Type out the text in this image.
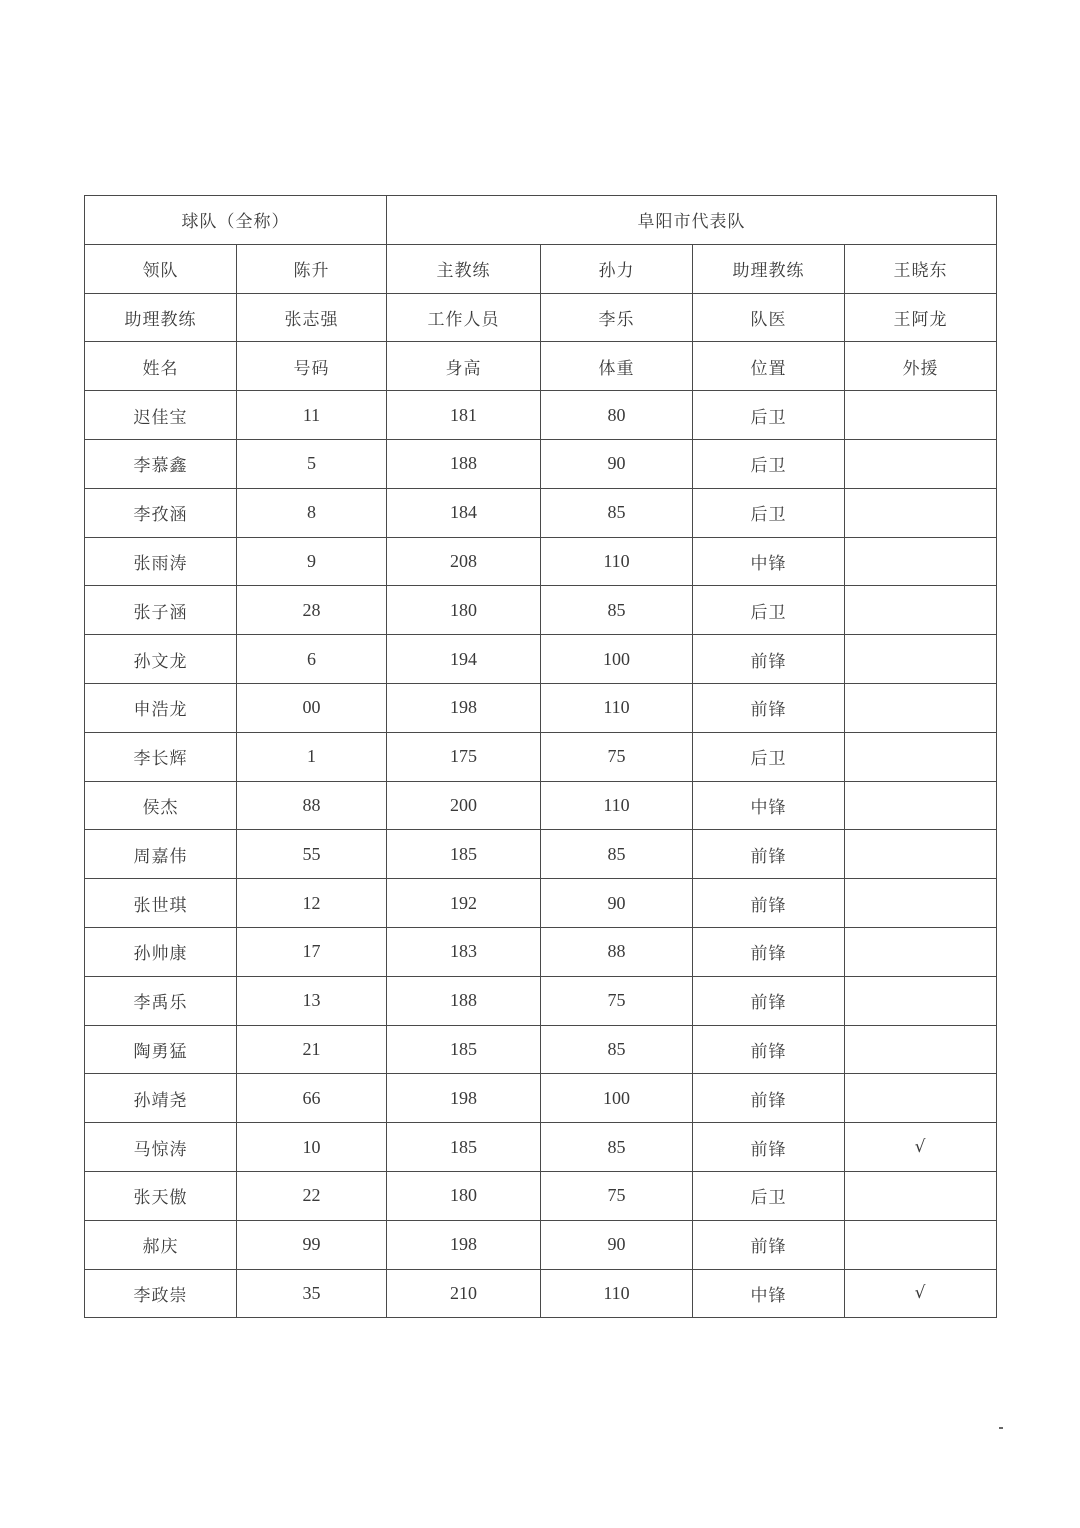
球队（全称）		阜阳市代表队			
领队	陈升	主教练	孙力	助理教练	王晓东
助理教练	张志强	工作人员	李乐	队医	王阿龙
姓名	号码	身高	体重	位置	外援
迟佳宝	11	181	80	后卫	
李慕鑫	5	188	90	后卫	
李孜涵	8	184	85	后卫	
张雨涛	9	208	110	中锋	
张子涵	28	180	85	后卫	
孙文龙	6	194	100	前锋	
申浩龙	00	198	110	前锋	
李长辉	1	175	75	后卫	
侯杰	88	200	110	中锋	
周嘉伟	55	185	85	前锋	
张世琪	12	192	90	前锋	
孙帅康	17	183	88	前锋	
李禹乐	13	188	75	前锋	
陶勇猛	21	185	85	前锋	
孙靖尧	66	198	100	前锋	
马惊涛	10	185	85	前锋	√
张天傲	22	180	75	后卫	
郝庆	99	198	90	前锋	
李政崇	35	210	110	中锋	√
